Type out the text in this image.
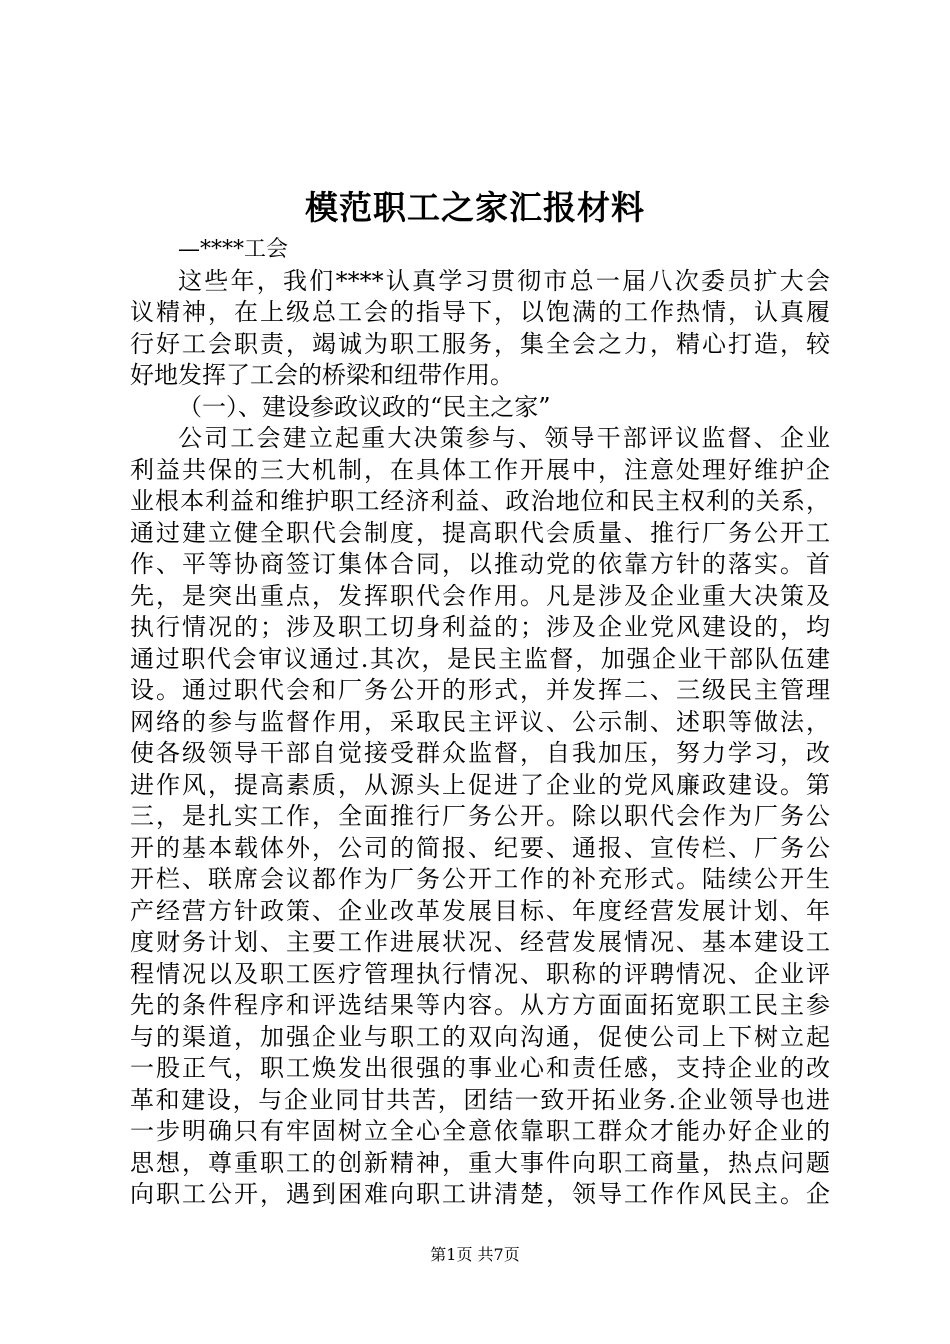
模范职工之家汇报材料
—****工会
这些年，我们****认真学习贯彻市总一届八次委员扩大会
议精神，在上级总工会的指导下，以饱满的工作热情，认真履
行好工会职责，竭诚为职工服务，集全会之力，精心打造，较
好地发挥了工会的桥梁和纽带作用。
（一）、建设参政议政的“民主之家”
公司工会建立起重大决策参与、领导干部评议监督、企业
利益共保的三大机制，在具体工作开展中，注意处理好维护企
业根本利益和维护职工经济利益、政治地位和民主权利的关系，
通过建立健全职代会制度，提高职代会质量、推行厂务公开工
作、平等协商签订集体合同，以推动党的依靠方针的落实。首
先，是突出重点，发挥职代会作用。凡是涉及企业重大决策及
执行情况的；涉及职工切身利益的；涉及企业党风建设的，均
通过职代会审议通过.其次，是民主监督，加强企业干部队伍建
设。通过职代会和厂务公开的形式，并发挥二、三级民主管理
网络的参与监督作用，采取民主评议、公示制、述职等做法，
使各级领导干部自觉接受群众监督，自我加压，努力学习，改
进作风，提高素质，从源头上促进了企业的党风廉政建设。第
三，是扎实工作，全面推行厂务公开。除以职代会作为厂务公
开的基本载体外，公司的简报、纪要、通报、宣传栏、厂务公
开栏、联席会议都作为厂务公开工作的补充形式。陆续公开生
产经营方针政策、企业改革发展目标、年度经营发展计划、年
度财务计划、主要工作进展状况、经营发展情况、基本建设工
程情况以及职工医疗管理执行情况、职称的评聘情况、企业评
先的条件程序和评选结果等内容。从方方面面拓宽职工民主参
与的渠道，加强企业与职工的双向沟通，促使公司上下树立起
一股正气，职工焕发出很强的事业心和责任感，支持企业的改
革和建设，与企业同甘共苦，团结一致开拓业务.企业领导也进
一步明确只有牢固树立全心全意依靠职工群众才能办好企业的
思想，尊重职工的创新精神，重大事件向职工商量，热点问题
向职工公开，遇到困难向职工讲清楚，领导工作作风民主。企
第1页 共7页
